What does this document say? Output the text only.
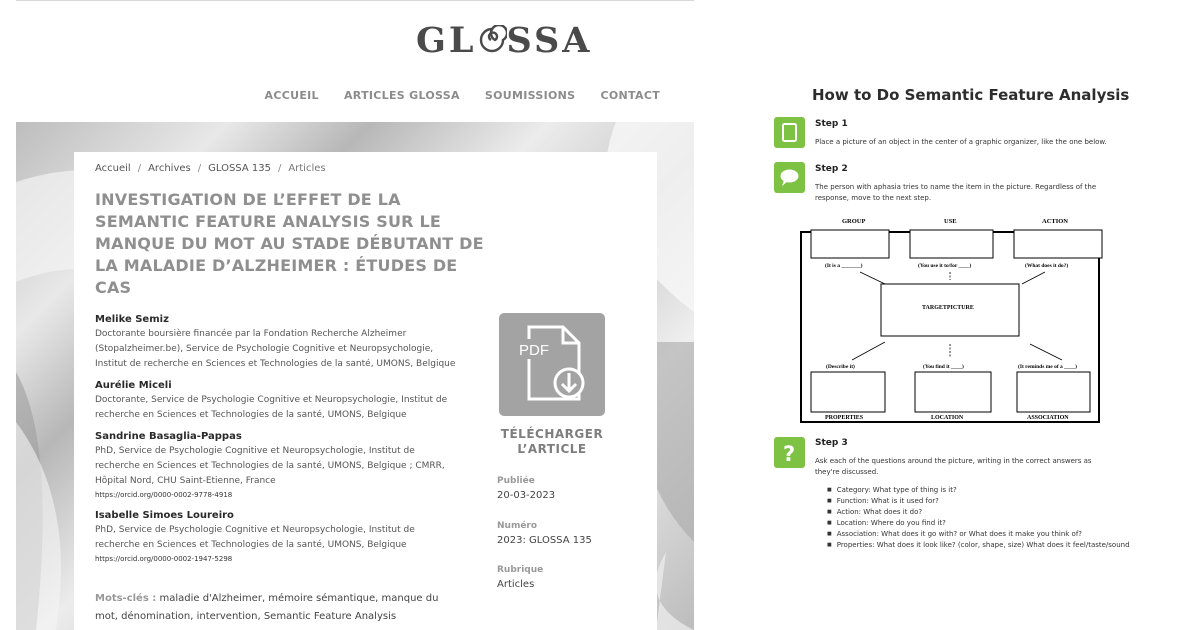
GL SSA
ACCUEIL ARTICLES GLOSSA SOUMISSIONS CONTACT
Accueil / Archives / GLOSSA 135 / Articles
INVESTIGATION DE L’EFFET DE LA SEMANTIC FEATURE ANALYSIS SUR LE MANQUE DU MOT AU STADE DÉBUTANT DE LA MALADIE D’ALZHEIMER : ÉTUDES DE CAS
Melike Semiz
Doctorante boursière financée par la Fondation Recherche Alzheimer (Stopalzheimer.be), Service de Psychologie Cognitive et Neuropsychologie, Institut de recherche en Sciences et Technologies de la santé, UMONS, Belgique
Aurélie Miceli
Doctorante, Service de Psychologie Cognitive et Neuropsychologie, Institut de recherche en Sciences et Technologies de la santé, UMONS, Belgique
Sandrine Basaglia-Pappas
PhD, Service de Psychologie Cognitive et Neuropsychologie, Institut de recherche en Sciences et Technologies de la santé, UMONS, Belgique ; CMRR, Hôpital Nord, CHU Saint-Etienne, France
https://orcid.org/0000-0002-9778-4918
Isabelle Simoes Loureiro
PhD, Service de Psychologie Cognitive et Neuropsychologie, Institut de recherche en Sciences et Technologies de la santé, UMONS, Belgique
https://orcid.org/0000-0002-1947-5298
Mots-clés : maladie d'Alzheimer, mémoire sémantique, manque du mot, dénomination, intervention, Semantic Feature Analysis
PDF
TÉLÉCHARGER
L’ARTICLE
Publiée
20-03-2023
Numéro
2023: GLOSSA 135
Rubrique
Articles
How to Do Semantic Feature Analysis
Step 1
Place a picture of an object in the center of a graphic organizer, like the one below.
Step 2
The person with aphasia tries to name the item in the picture. Regardless of the response, move to the next step.
GROUP	USE	ACTION
(It is a _______)	(You use it to/for ____)	(What does it do?)
TARGETPICTURE
(Describe it)	(You find it ____)	(It reminds me of a ____)
PROPERTIES	LOCATION	ASSOCIATION
? Step 3
Ask each of the questions around the picture, writing in the correct answers as they're discussed.
■ Category: What type of thing is it?
■ Function: What is it used for?
■ Action: What does it do?
■ Location: Where do you find it?
■ Association: What does it go with? or What does it make you think of?
■ Properties: What does it look like? (color, shape, size) What does it feel/taste/sound
